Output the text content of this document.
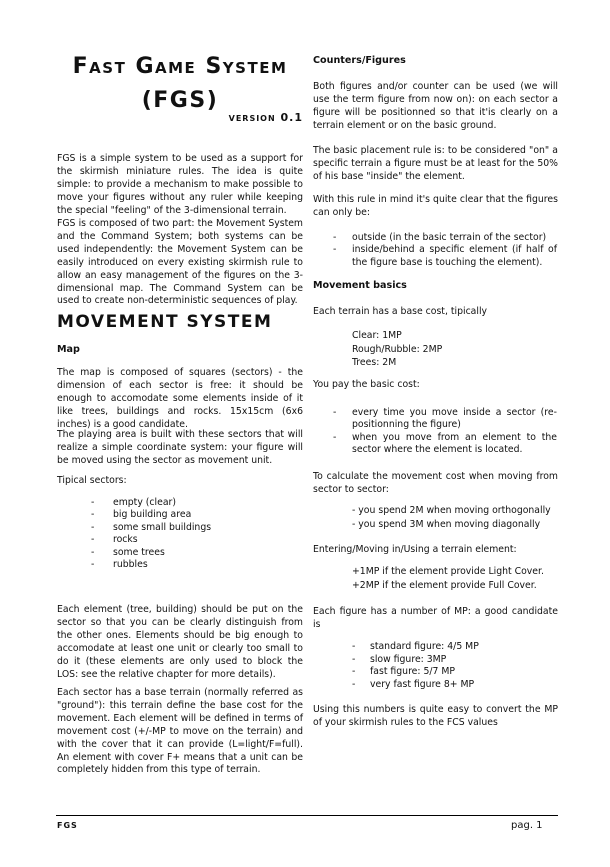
Fast Game System
(FGS)
version 0.1
FGS is a simple system to be used as a support for the skirmish miniature rules. The idea is quite simple: to provide a mechanism to make possible to move your figures without any ruler while keeping the special "feeling" of the 3-dimensional terrain.
FGS is composed of two part: the Movement System and the Command System; both systems can be used independently: the Movement System can be easily introduced on every existing skirmish rule to allow an easy management of the figures on the 3-dimensional map. The Command System can be used to create non-deterministic sequences of play.
MOVEMENT SYSTEM
Map
The map is composed of squares (sectors) - the dimension of each sector is free: it should be enough to accomodate some elements inside of it like trees, buildings and rocks. 15x15cm (6x6 inches) is a good candidate.
The playing area is built with these sectors that will realize a simple coordinate system: your figure will be moved using the sector as movement unit.
Tipical sectors:
- empty (clear)
- big building area
- some small buildings
- rocks
- some trees
- rubbles
Each element (tree, building) should be put on the sector so that you can be clearly distinguish from the other ones. Elements should be big enough to accomodate at least one unit or clearly too small to do it (these elements are only used to block the LOS: see the relative chapter for more details).
Each sector has a base terrain (normally referred as "ground"): this terrain define the base cost for the movement. Each element will be defined in terms of movement cost (+/-MP to move on the terrain) and with the cover that it can provide (L=light/F=full). An element with cover F+ means that a unit can be completely hidden from this type of terrain.
Counters/Figures
Both figures and/or counter can be used (we will use the term figure from now on): on each sector a figure will be positionned so that it'is clearly on a terrain element or on the basic ground.
The basic placement rule is: to be considered "on" a specific terrain a figure must be at least for the 50% of his base "inside" the element.
With this rule in mind it's quite clear that the figures can only be:
- outside (in the basic terrain of the sector)
- inside/behind a specific element (if half of the figure base is touching the element).
Movement basics
Each terrain has a base cost, tipically
Clear: 1MP
Rough/Rubble: 2MP
Trees: 2M
You pay the basic cost:
- every time you move inside a sector (re-positionning the figure)
- when you move from an element to the sector where the element is located.
To calculate the movement cost when moving from sector to sector:
- you spend 2M when moving orthogonally
- you spend 3M when moving diagonally
Entering/Moving in/Using a terrain element:
+1MP if the element provide Light Cover.
+2MP if the element provide Full Cover.
Each figure has a number of MP: a good candidate is
- standard figure: 4/5 MP
- slow figure: 3MP
- fast figure: 5/7 MP
- very fast figure 8+ MP
Using this numbers is quite easy to convert the MP of your skirmish rules to the FCS values
FGS	pag. 1
